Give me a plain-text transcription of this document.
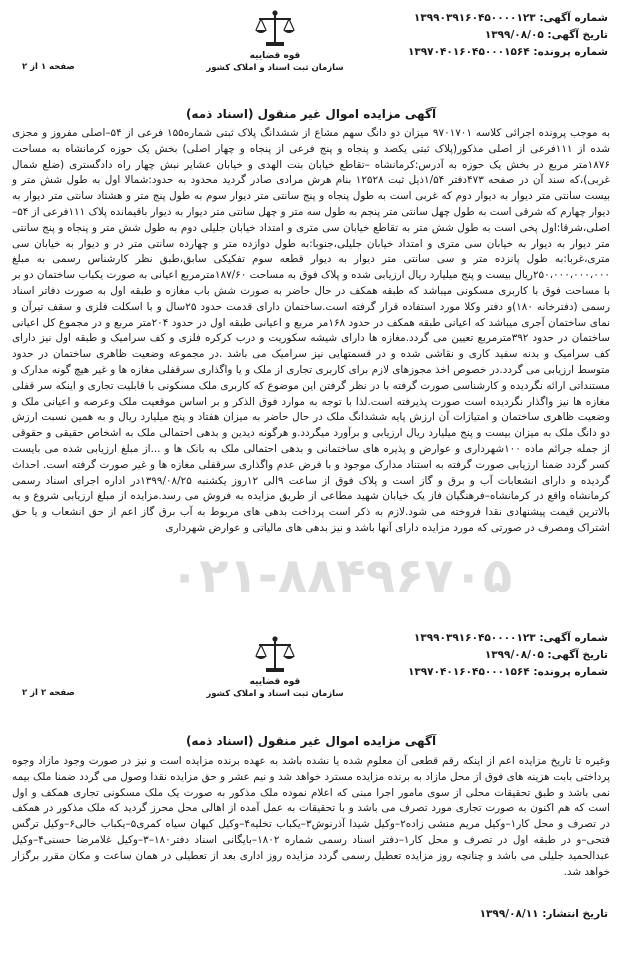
شماره آگهی: ۱۳۹۹۰۳۹۱۶۰۴۵۰۰۰۰۱۲۳
تاریخ آگهی: ۱۳۹۹/۰۸/۰۵
شماره پرونده: ۱۳۹۷۰۴۰۱۶۰۴۵۰۰۰۱۵۶۴
قوه قضاییه
سازمان ثبت اسناد و املاک کشور
صفحه ۱ از ۲
آگهی مزایده اموال غیر منقول (اسناد ذمه)
به موجب پرونده اجرائی کلاسه ۹۷۰۱۷۰۱ میزان دو دانگ سهم مشاع از ششدانگ پلاک ثبتی شماره۱۵۵ فرعی از ۵۴–اصلی مفروز و مجزی شده از ۱۱۱فرعی از اصلی مذکور(پلاک ثبتی یکصد و پنجاه و پنج فرعی از پنجاه و چهار اصلی) بخش یک حوزه کرمانشاه به مساحت ۱۸۷۶متر مربع در بخش یک حوزه به آدرس:کرمانشاه –تقاطع خیابان بنت الهدی و خیابان عشایر نبش چهار راه دادگستری (ضلع شمال غربی)،که سند آن در صفحه ۴۷۳دفتر ۱/۵۴ذیل ثبت ۱۲۵۲۸ بنام هرش مرادی صادر گردید محدود به حدود:شمالا اول به طول شش متر و بیست سانتی متر دیوار به دیوار دوم که غربی است به طول پنجاه و پنج سانتی متر دیوار سوم به طول پنج متر و هشتاد سانتی متر دیوار به دیوار چهارم که شرقی است به طول چهل سانتی متر پنجم به طول سه متر و چهل سانتی متر دیوار به دیوار باقیمانده پلاک ۱۱۱فرعی از ۵۴–اصلی،شرقا:اول پخی است به طول شش متر به تقاطع خیابان سی متری و امتداد خیابان جلیلی دوم به طول شش متر و پنجاه و پنج سانتی متر دیوار به دیوار به خیابان سی متری و امتداد خیابان جلیلی،جنوبا:به طول دوازده متر و چهارده سانتی متر در و دیوار به خیابان سی متری،غربا:به طول پانزده متر و سی سانتی متر دیوار به دیوار قطعه سوم تفکیکی سابق،طبق نظر کارشناس رسمی به مبلغ ۲۵۰،۰۰۰،۰۰۰،۰۰۰ریال بیست و پنج میلیارد ریال ارزیابی شده و پلاک فوق به مساحت ۱۸۷/۶۰مترمربع اعیانی به صورت یکباب ساختمان دو بر با مساحت فوق با کاربری مسکونی میباشد که طبقه همکف در حال حاضر به صورت شش باب مغازه و طبقه اول به صورت دفاتر اسناد رسمی (دفترخانه ۱۸۰)و دفتر وکلا مورد استفاده قرار گرفته است.ساختمان دارای قدمت حدود ۲۵سال و با اسکلت فلزی و سقف تیرآن و نمای ساختمان آجری میباشد که اعیانی طبقه همکف در حدود ۱۶۸مر مربع و اعیانی طبقه اول در حدود ۲۰۴متر مربع و در مجموع کل اعیانی ساختمان در حدود ۳۹۲مترمربع تعیین می گردد.مغازه ها دارای شیشه سکوریت و درب کرکره فلزی و کف سرامیک و طبقه اول نیز دارای کف سرامیک و بدنه سفید کاری و نقاشی شده و در قسمتهایی نیز سرامیک می باشد .در مجموعه وضعیت ظاهری ساختمان در حدود متوسط ارزیابی می گردد.در خصوص اخذ مجوزهای لازم برای کاربری تجاری از ملک و یا واگذاری سرقفلی مغازه ها و غیر هیچ گونه مدارک و مستنداتی ارائه نگردیده و کارشناسی صورت گرفته با در نظر گرفتن این موضوع که کاربری ملک مسکونی با قابلیت تجاری و اینکه سر قفلی مغازه ها نیز واگذار نگردیده است صورت پذیرفته است.لذا با توجه به موارد فوق الذکر و بر اساس موقعیت ملک وعرصه و اعیانی ملک و وضعیت ظاهری ساختمان و امتیازات آن ارزش پایه ششدانگ ملک در حال حاضر به میزان هفتاد و پنج میلیارد ریال و به همین نسبت ارزش دو دانگ ملک به میزان بیست و پنج میلیارد ریال ارزیابی و برآورد میگردد.و هرگونه دیدین و بدهی احتمالی ملک به اشخاص حقیقی و حقوقی از جمله جرائم ماده ۱۰۰شهرداری و عوارض و پذیره های ساختمانی و بدهی احتمالی ملک به بانک ها و ...از مبلغ ارزیابی شده می بایست کسر گردد ضمنا ارزیابی صورت گرفته به استناد مدارک موجود و با فرض عدم واگذاری سرقفلی مغازه ها و غیر صورت گرفته است. احداث گردیده و دارای انشعابات آب و برق و گاز است و پلاک فوق از ساعت ۹الی ۱۲روز یکشنبه ۱۳۹۹/۰۸/۲۵در اداره اجرای اسناد رسمی کرمانشاه واقع در کرمانشاه–فرهنگیان فاز یک خیابان شهید مطاعی از طریق مزایده به فروش می رسد.مزایده از مبلغ ارزیابی شروع و به بالاترین قیمت پیشنهادی نقدا فروخته می شود.لازم به ذکر است پرداخت بدهی های مربوط به آب برق گاز اعم از حق انشعاب و یا حق اشتراک ومصرف در صورتی که مورد مزایده دارای آنها باشد و نیز بدهی های مالیاتی و عوارض شهرداری
۰۲۱-۸۸۴۹۶۷۰۵
شماره آگهی: ۱۳۹۹۰۳۹۱۶۰۴۵۰۰۰۰۱۲۳
تاریخ آگهی: ۱۳۹۹/۰۸/۰۵
شماره پرونده: ۱۳۹۷۰۴۰۱۶۰۴۵۰۰۰۱۵۶۴
قوه قضاییه
سازمان ثبت اسناد و املاک کشور
صفحه ۲ از ۲
آگهی مزایده اموال غیر منقول (اسناد ذمه)
وغیره تا تاریخ مزایده اعم از اینکه رقم قطعی آن معلوم شده یا نشده باشد به عهده برنده مزایده است و نیز در صورت وجود مازاد وجوه پرداختی بابت هزینه های فوق از محل مازاد به برنده مزایده مسترد خواهد شد و نیم عشر و حق مزایده نقدا وصول می گردد ضمنا ملک بیمه نمی باشد و طبق تحقیقات محلی از سوی مامور اجرا مبنی که اعلام نموده ملک مذکور به صورت یک ملک مسکونی تجاری همکف و اول است که هم اکنون به صورت تجاری مورد تصرف می باشد و با تحقیقات به عمل آمده از اهالی محل محرز گردید که ملک مذکور در همکف در تصرف و محل کار۱–وکیل مریم منشی زاده۲–وکیل شیدا آذرنوش۳–یکباب تخلیه۴–وکیل کیهان سیاه کمری۵–یکباب خالی۶–وکیل ترگس فتحی–و در طبقه اول در تصرف و محل کار۱–دفتر اسناد رسمی شماره ۱۸۰۲–بایگانی اسناد دفتر۱۸۰–۳–وکیل غلامرضا حسنی۴–وکیل عبدالحمید جلیلی می باشد و چنانچه روز مزایده تعطیل رسمی گردد مزایده روز اداری بعد از تعطیلی در همان ساعت و مکان مقرر برگزار خواهد شد.
تاریخ انتشار: ۱۳۹۹/۰۸/۱۱
